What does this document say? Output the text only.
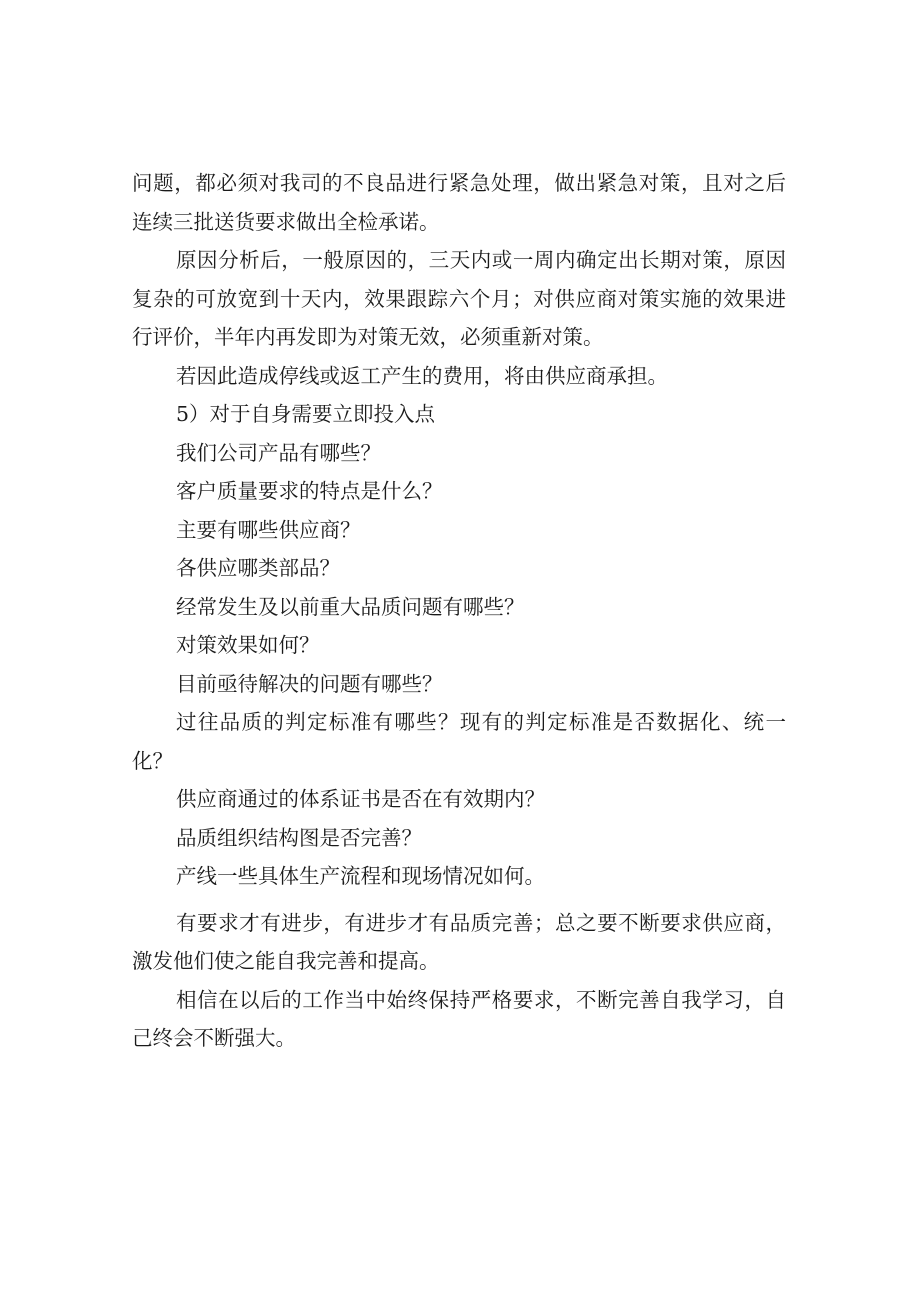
问题，都必须对我司的不良品进行紧急处理，做出紧急对策，且对之后连续三批送货要求做出全检承诺。

原因分析后，一般原因的，三天内或一周内确定出长期对策，原因复杂的可放宽到十天内，效果跟踪六个月；对供应商对策实施的效果进行评价，半年内再发即为对策无效，必须重新对策。

若因此造成停线或返工产生的费用，将由供应商承担。

5）对于自身需要立即投入点

我们公司产品有哪些？

客户质量要求的特点是什么？

主要有哪些供应商？

各供应哪类部品？

经常发生及以前重大品质问题有哪些？

对策效果如何？

目前亟待解决的问题有哪些？

过往品质的判定标准有哪些？现有的判定标准是否数据化、统一化？

供应商通过的体系证书是否在有效期内？

品质组织结构图是否完善？

产线一些具体生产流程和现场情况如何。

有要求才有进步，有进步才有品质完善；总之要不断要求供应商，激发他们使之能自我完善和提高。

相信在以后的工作当中始终保持严格要求，不断完善自我学习，自己终会不断强大。
